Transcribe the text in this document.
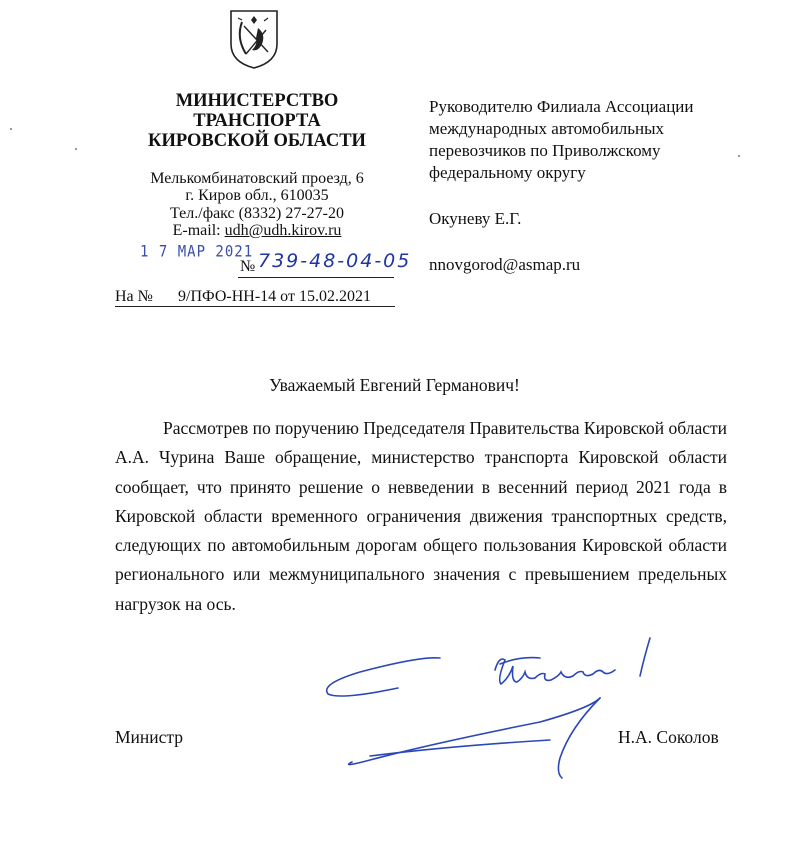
МИНИСТЕРСТВО
ТРАНСПОРТА
КИРОВСКОЙ ОБЛАСТИ
Мелькомбинатовский проезд, 6
г. Киров обл., 610035
Тел./факс (8332) 27-27-20
E-mail: udh@udh.kirov.ru
1 7 МАР 2021
№ 739-48-04-05
На № 9/ПФО-НН-14 от 15.02.2021
Руководителю Филиала Ассоциации
международных автомобильных
перевозчиков по Приволжскому
федеральному округу
Окуневу Е.Г.
nnovgorod@asmap.ru
Уважаемый Евгений Германович!

Рассмотрев по поручению Председателя Правительства Кировской области А.А. Чурина Ваше обращение, министерство транспорта Кировской области сообщает, что принято решение о невведении в весенний период 2021 года в Кировской области временного ограничения движения транспортных средств, следующих по автомобильным дорогам общего пользования Кировской области регионального или межмуниципального значения с превышением предельных нагрузок на ось.

Министр	Н.А. Соколов
